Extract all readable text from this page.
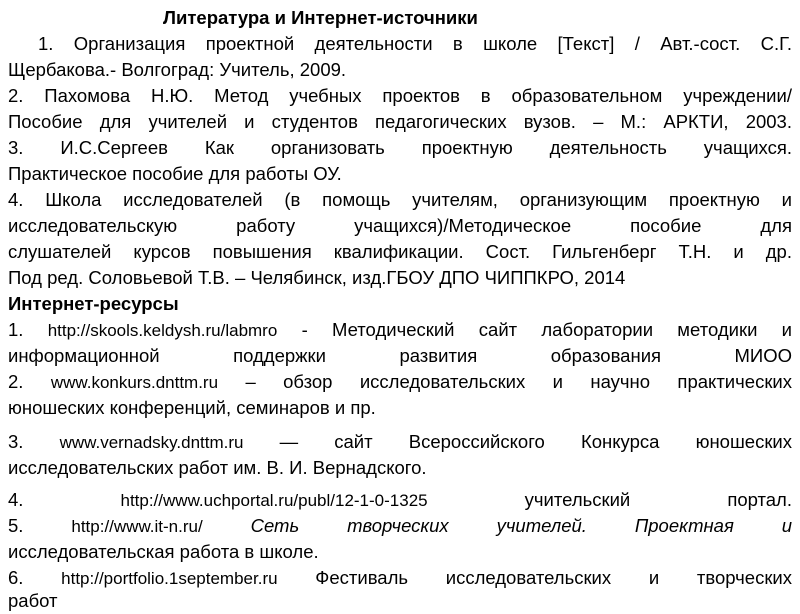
Литература и Интернет-источники
1. Организация проектной деятельности в школе [Текст] / Авт.-сост. С.Г.
Щербакова.- Волгоград: Учитель, 2009.
2. Пахомова Н.Ю. Метод учебных проектов в образовательном учреждении/
Пособие для учителей и студентов педагогических вузов. – М.: АРКТИ, 2003.
3. И.С.Сергеев Как организовать проектную деятельность учащихся.
Практическое пособие для работы ОУ.
4. Школа исследователей (в помощь учителям, организующим проектную и
исследовательскую работу учащихся)/Методическое пособие для
слушателей курсов повышения квалификации. Сост. Гильгенберг Т.Н. и др.
Под ред. Соловьевой Т.В. – Челябинск, изд.ГБОУ ДПО ЧИППКРО, 2014
Интернет-ресурсы
1. http://skools.keldysh.ru/labmro - Методический сайт лаборатории методики и
информационной поддержки развития образования МИОО
2. www.konkurs.dnttm.ru – обзор исследовательских и научно практических
юношеских конференций, семинаров и пр.
3. www.vernadsky.dnttm.ru — сайт Всероссийского Конкурса юношеских
исследовательских работ им. В. И. Вернадского.
4.	http://www.uchportal.ru/publ/12-1-0-1325	учительский	портал.
5.	http://www.it-n.ru/	Сеть творческих учителей. Проектная и
исследовательская работа в школе.
6. http://portfolio.1september.ru Фестиваль исследовательских и творческих
работ
